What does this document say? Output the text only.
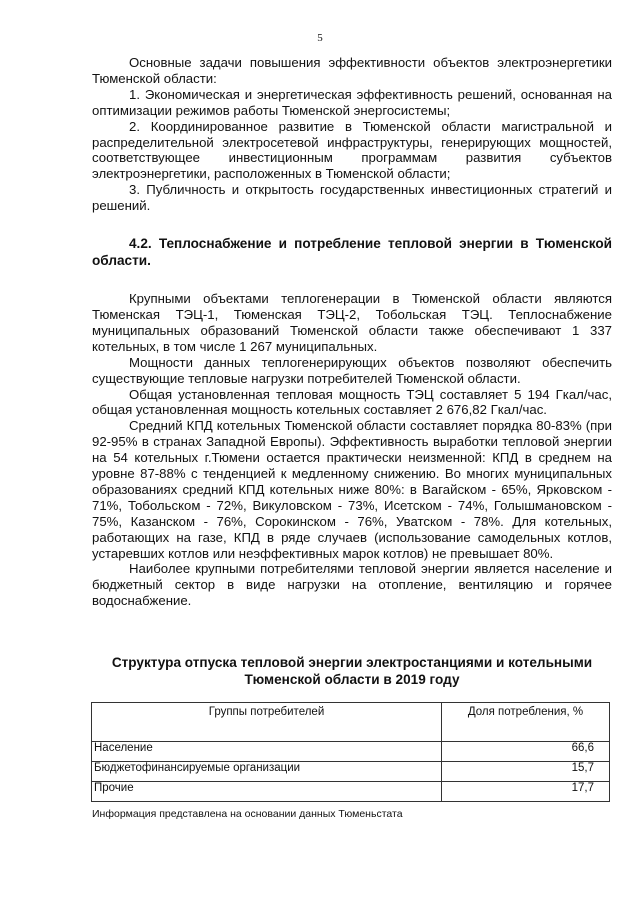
5

Основные задачи повышения эффективности объектов электроэнергетики Тюменской области:

1. Экономическая и энергетическая эффективность решений, основанная на оптимизации режимов работы Тюменской энергосистемы;

2. Координированное развитие в Тюменской области магистральной и распределительной электросетевой инфраструктуры, генерирующих мощностей, соответствующее инвестиционным программам развития субъектов электроэнергетики, расположенных в Тюменской области;

3. Публичность и открытость государственных инвестиционных стратегий и решений.

4.2. Теплоснабжение и потребление тепловой энергии в Тюменской области.

Крупными объектами теплогенерации в Тюменской области являются Тюменская ТЭЦ-1, Тюменская ТЭЦ-2, Тобольская ТЭЦ. Теплоснабжение муниципальных образований Тюменской области также обеспечивают 1 337 котельных, в том числе 1 267 муниципальных.

Мощности данных теплогенерирующих объектов позволяют обеспечить существующие тепловые нагрузки потребителей Тюменской области.

Общая установленная тепловая мощность ТЭЦ составляет 5 194 Гкал/час, общая установленная мощность котельных составляет 2 676,82 Гкал/час.

Средний КПД котельных Тюменской области составляет порядка 80-83% (при 92-95% в странах Западной Европы). Эффективность выработки тепловой энергии на 54 котельных г.Тюмени остается практически неизменной: КПД в среднем на уровне 87-88% с тенденцией к медленному снижению. Во многих муниципальных образованиях средний КПД котельных ниже 80%: в Вагайском - 65%, Ярковском - 71%, Тобольском - 72%, Викуловском - 73%, Исетском - 74%, Голышмановском - 75%, Казанском - 76%, Сорокинском - 76%, Уватском - 78%. Для котельных, работающих на газе, КПД в ряде случаев (использование самодельных котлов, устаревших котлов или неэффективных марок котлов) не превышает 80%.

Наиболее крупными потребителями тепловой энергии является население и бюджетный сектор в виде нагрузки на отопление, вентиляцию и горячее водоснабжение.

Структура отпуска тепловой энергии электростанциями и котельными Тюменской области в 2019 году
Группы потребителей	Доля потребления, %
Население	66,6
Бюджетофинансируемые организации	15,7
Прочие	17,7
Информация представлена на основании данных Тюменьстата
